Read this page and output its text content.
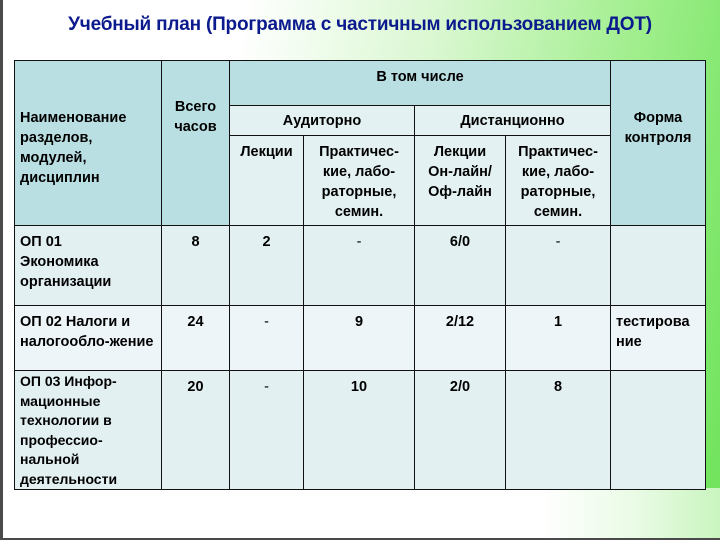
Учебный план (Программа с частичным использованием ДОТ)
Наименование разделов, модулей, дисциплин	Всего часов	В том числе				Форма контроля

		Аудиторно		Дистанционно		
		Лекции	Практичес-кие, лабо-раторные, семин.	Лекции Он-лайн/Оф-лайн	Практичес-кие, лабо-раторные, семин.	
ОП 01 Экономика организации	8	2	-	6/0	-	
ОП 02 Налоги и налогообло-жение	24	-	9	2/12	1	тестирова ние
ОП 03 Инфор-мационные технологии в профессио-нальной деятельности	20	-	10	2/0	8	
